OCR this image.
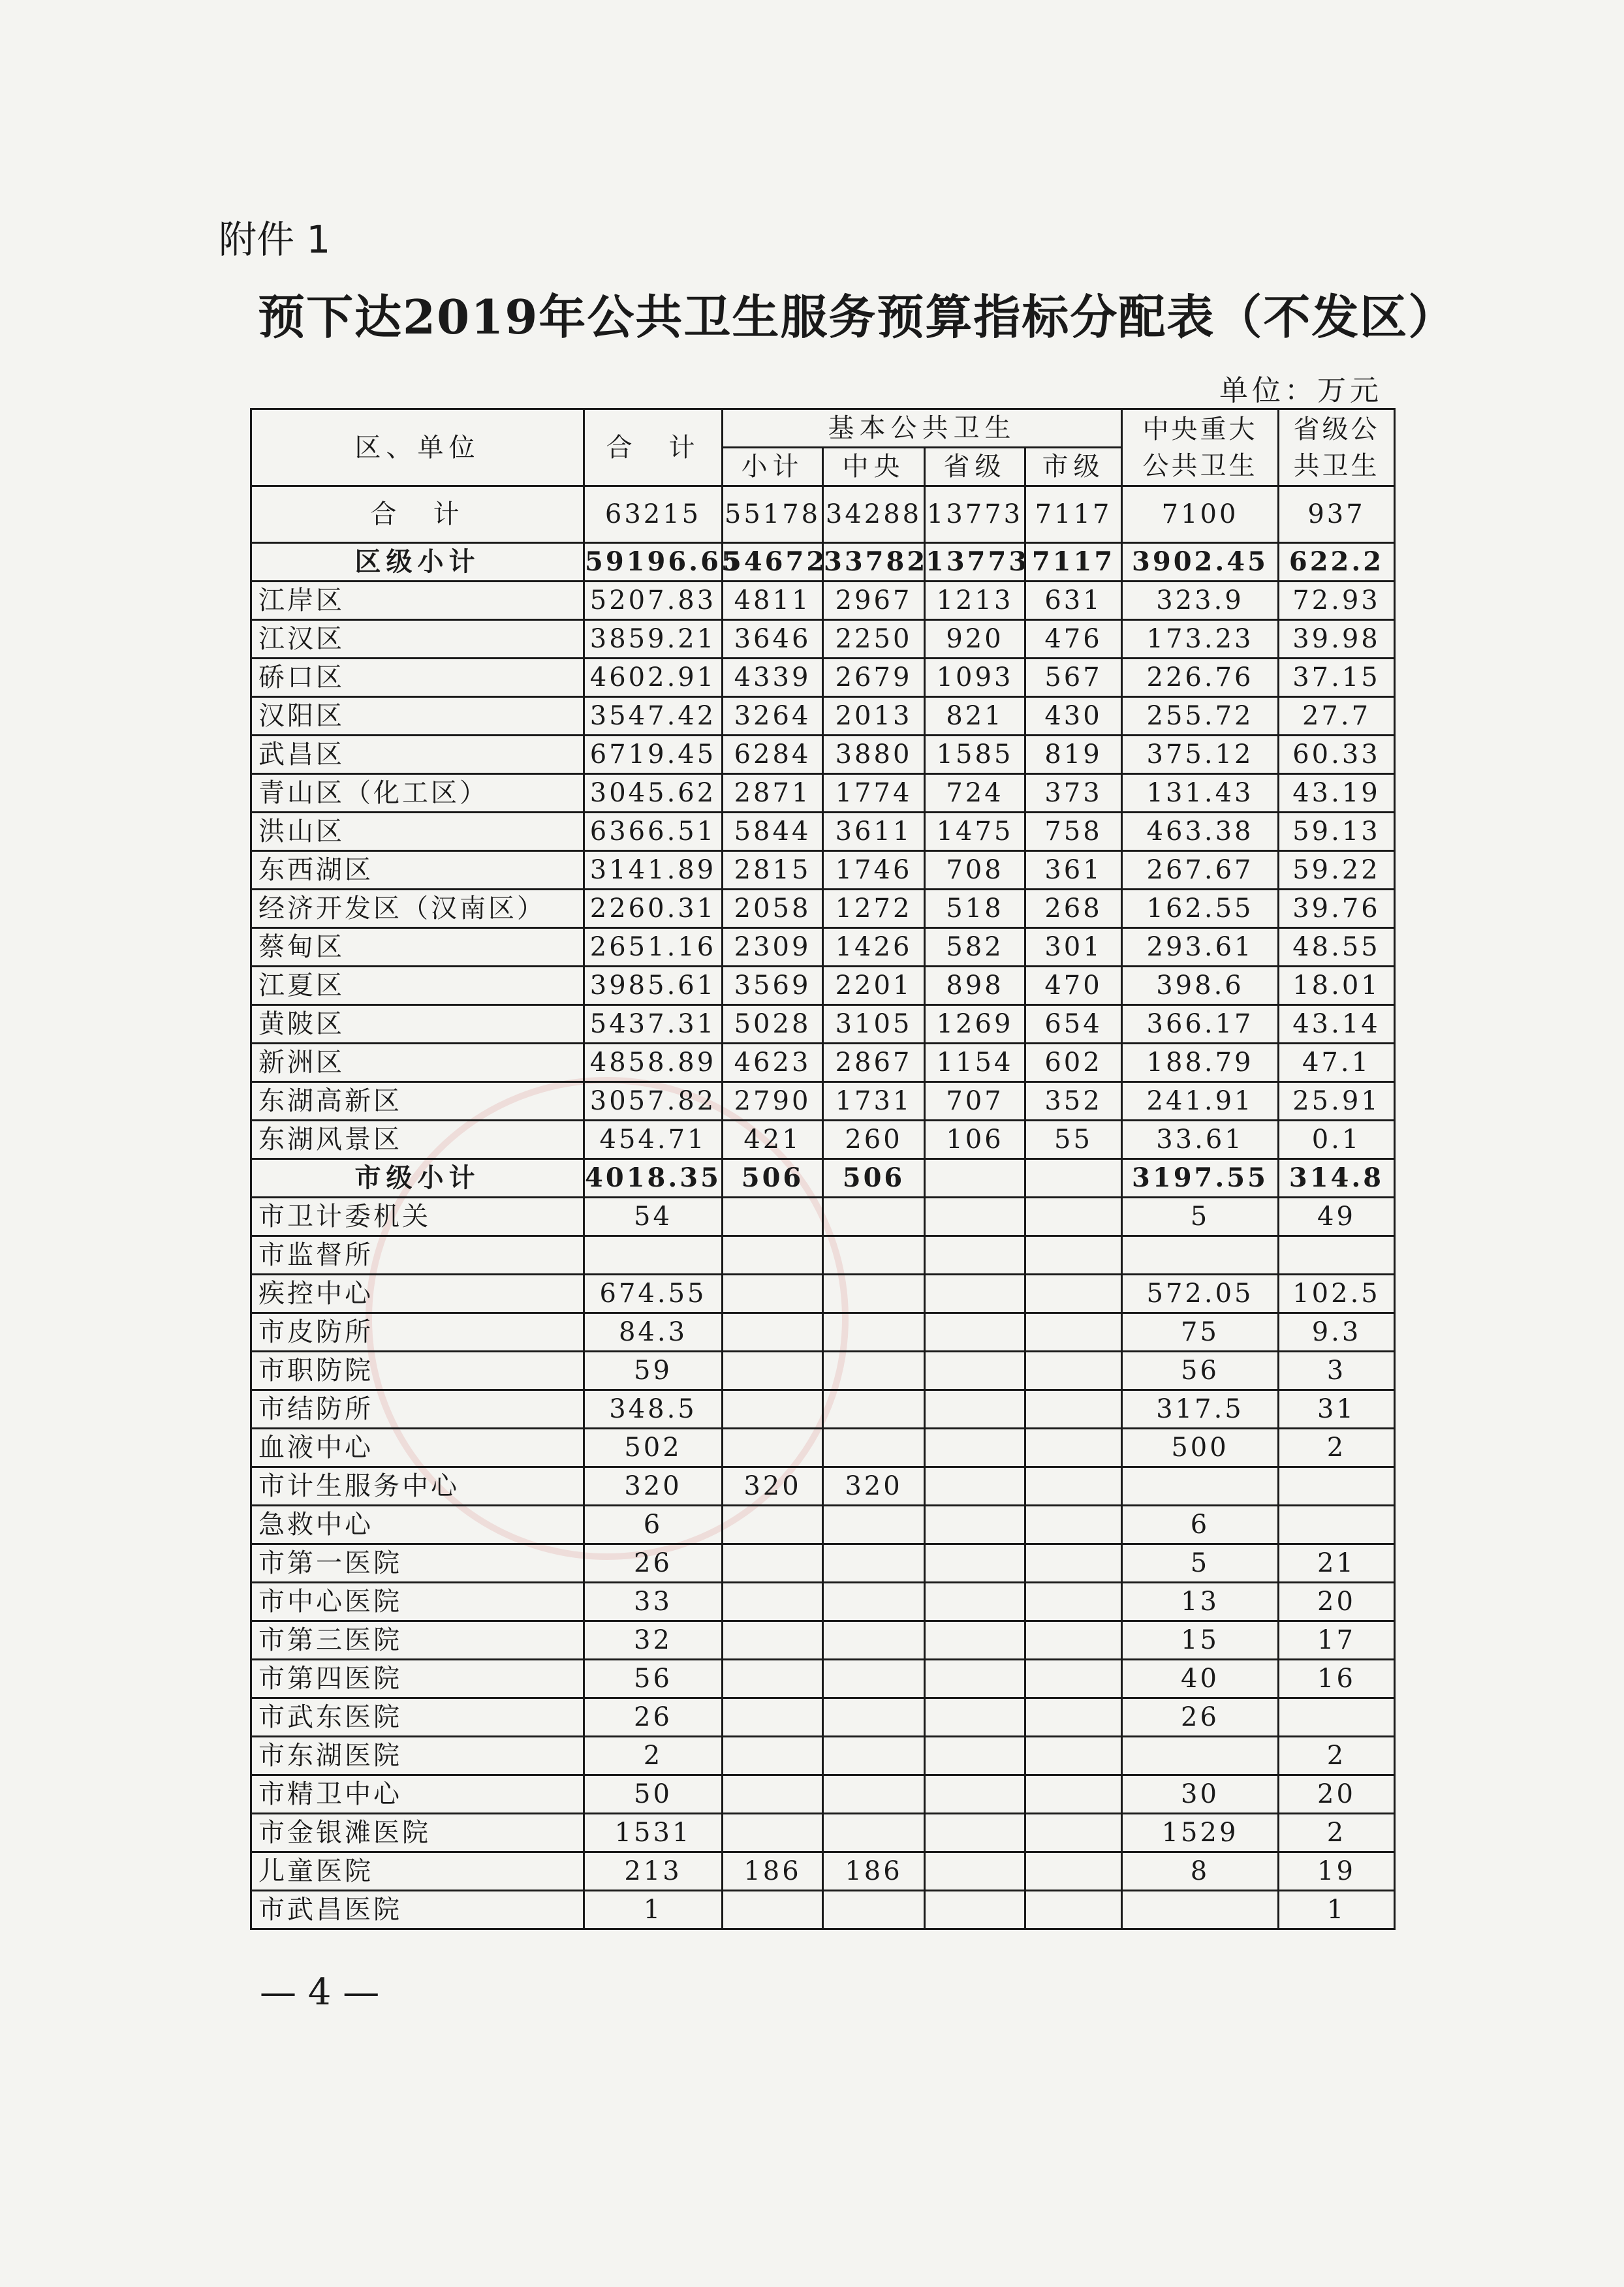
附件 1
预下达2019年公共卫生服务预算指标分配表（不发区）
单位：万元
区、单位	合　计	基本公共卫生				中央重大公共卫生	省级公共卫生
		小计	中央	省级	市级		
合　计	63215	55178	34288	13773	7117	7100	937
区级小计	59196.65	54672	33782	13773	7117	3902.45	622.2
江岸区	5207.83	4811	2967	1213	631	323.9	72.93
江汉区	3859.21	3646	2250	920	476	173.23	39.98
硚口区	4602.91	4339	2679	1093	567	226.76	37.15
汉阳区	3547.42	3264	2013	821	430	255.72	27.7
武昌区	6719.45	6284	3880	1585	819	375.12	60.33
青山区（化工区）	3045.62	2871	1774	724	373	131.43	43.19
洪山区	6366.51	5844	3611	1475	758	463.38	59.13
东西湖区	3141.89	2815	1746	708	361	267.67	59.22
经济开发区（汉南区）	2260.31	2058	1272	518	268	162.55	39.76
蔡甸区	2651.16	2309	1426	582	301	293.61	48.55
江夏区	3985.61	3569	2201	898	470	398.6	18.01
黄陂区	5437.31	5028	3105	1269	654	366.17	43.14
新洲区	4858.89	4623	2867	1154	602	188.79	47.1
东湖高新区	3057.82	2790	1731	707	352	241.91	25.91
东湖风景区	454.71	421	260	106	55	33.61	0.1
市级小计	4018.35	506	506			3197.55	314.8
市卫计委机关	54					5	49
市监督所							
疾控中心	674.55					572.05	102.5
市皮防所	84.3					75	9.3
市职防院	59					56	3
市结防所	348.5					317.5	31
血液中心	502					500	2
市计生服务中心	320	320	320				
急救中心	6					6	
市第一医院	26					5	21
市中心医院	33					13	20
市第三医院	32					15	17
市第四医院	56					40	16
市武东医院	26					26	
市东湖医院	2						2
市精卫中心	50					30	20
市金银滩医院	1531					1529	2
儿童医院	213	186	186			8	19
市武昌医院	1						1
— 4 —
